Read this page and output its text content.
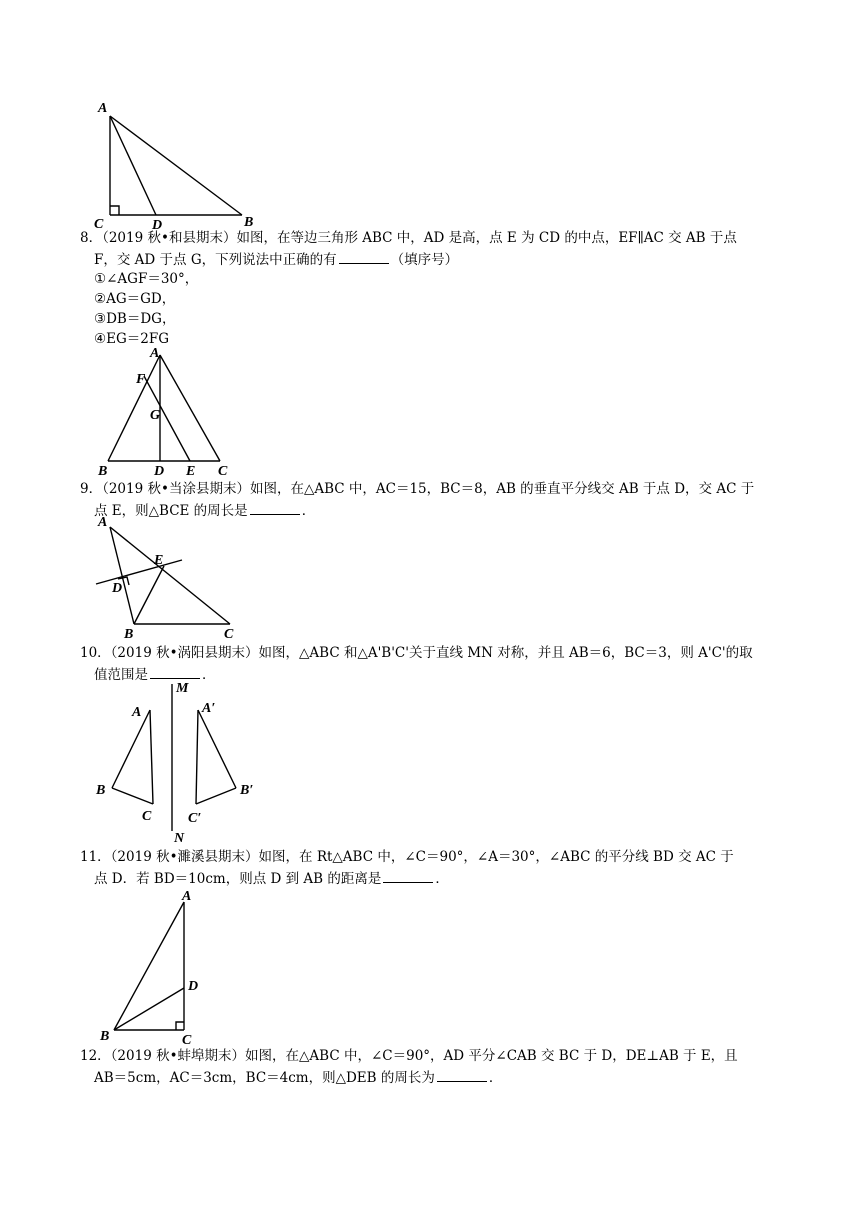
A
C	D	B
8．（2019 秋•和县期末）如图，在等边三角形 ABC 中，AD 是高，点 E 为 CD 的中点，EF∥AC 交 AB 于点
F，交 AD 于点 G，下列说法中正确的有	（填序号）
①∠AGF＝30°，
②AG＝GD，
③DB＝DG，
④EG＝2FG
A
F
G
B	D E C
9．（2019 秋•当涂县期末）如图，在△ABC 中，AC＝15，BC＝8，AB 的垂直平分线交 AB 于点 D，交 AC 于
点 E，则△BCE 的周长是	．
A
E
D
B	C
10．（2019 秋•涡阳县期末）如图，△ABC 和△A'B'C'关于直线 MN 对称，并且 AB＝6，BC＝3，则 A'C'的取
值范围是	．
M
A	A′
B	B′
C	C′
N
11．（2019 秋•濉溪县期末）如图，在 Rt△ABC 中，∠C＝90°，∠A＝30°，∠ABC 的平分线 BD 交 AC 于
点 D．若 BD＝10cm，则点 D 到 AB 的距离是	．
A
D
B	C
12．（2019 秋•蚌埠期末）如图，在△ABC 中，∠C＝90°，AD 平分∠CAB 交 BC 于 D，DE⊥AB 于 E，且
AB＝5cm，AC＝3cm，BC＝4cm，则△DEB 的周长为	．
